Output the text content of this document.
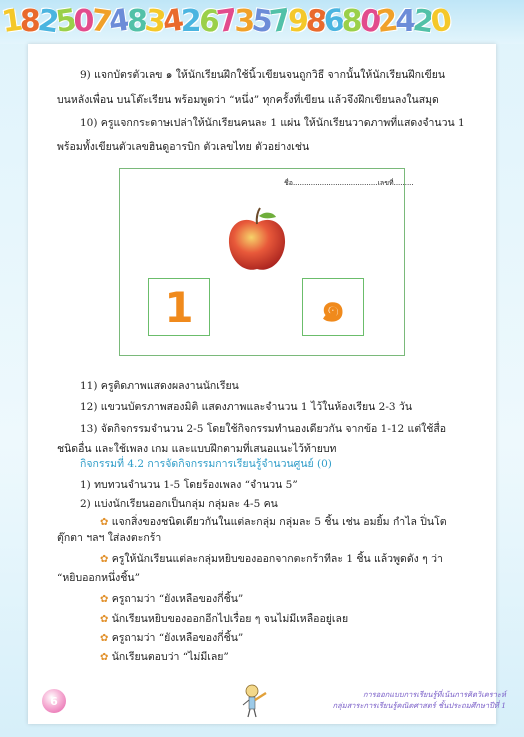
1825074834267357986802420
9) แจกบัตรตัวเลข ๑ ให้นักเรียนฝึกใช้นิ้วเขียนจนถูกวิธี จากนั้นให้นักเรียนฝึกเขียน
บนหลังเพื่อน บนโต๊ะเรียน พร้อมพูดว่า “หนึ่ง” ทุกครั้งที่เขียน แล้วจึงฝึกเขียนลงในสมุด
10) ครูแจกกระดาษเปล่าให้นักเรียนคนละ 1 แผ่น ให้นักเรียนวาดภาพที่แสดงจำนวน 1
พร้อมทั้งเขียนตัวเลขฮินดูอารบิก ตัวเลขไทย ตัวอย่างเช่น
ชื่อ......................................เลขที่.........
1	๑
11) ครูติดภาพแสดงผลงานนักเรียน
12) แขวนบัตรภาพสองมิติ แสดงภาพและจำนวน 1 ไว้ในห้องเรียน 2-3 วัน
13) จัดกิจกรรมจำนวน 2-5 โดยใช้กิจกรรมทำนองเดียวกัน จากข้อ 1-12 แต่ใช้สื่อ
ชนิดอื่น และใช้เพลง เกม และแบบฝึกตามที่เสนอแนะไว้ท้ายบท
กิจกรรมที่ 4.2 การจัดกิจกรรมการเรียนรู้จำนวนศูนย์ (0)
1) ทบทวนจำนวน 1-5 โดยร้องเพลง “จำนวน 5”
2) แบ่งนักเรียนออกเป็นกลุ่ม กลุ่มละ 4-5 คน
✿ แจกสิ่งของชนิดเดียวกันในแต่ละกลุ่ม กลุ่มละ 5 ชิ้น เช่น อมยิ้ม กำไล ปิ่นโต
ตุ๊กตา ฯลฯ ใส่ลงตะกร้า
✿ ครูให้นักเรียนแต่ละกลุ่มหยิบของออกจากตะกร้าทีละ 1 ชิ้น แล้วพูดดัง ๆ ว่า
“หยิบออกหนึ่งชิ้น”
✿ ครูถามว่า “ยังเหลือของกี่ชิ้น”
✿ นักเรียนหยิบของออกอีกไปเรื่อย ๆ จนไม่มีเหลืออยู่เลย
✿ ครูถามว่า “ยังเหลือของกี่ชิ้น”
✿ นักเรียนตอบว่า “ไม่มีเลย”
6	การออกแบบการเรียนรู้ที่เน้นการคิดวิเคราะห์
กลุ่มสาระการเรียนรู้คณิตศาสตร์ ชั้นประถมศึกษาปีที่ 1
